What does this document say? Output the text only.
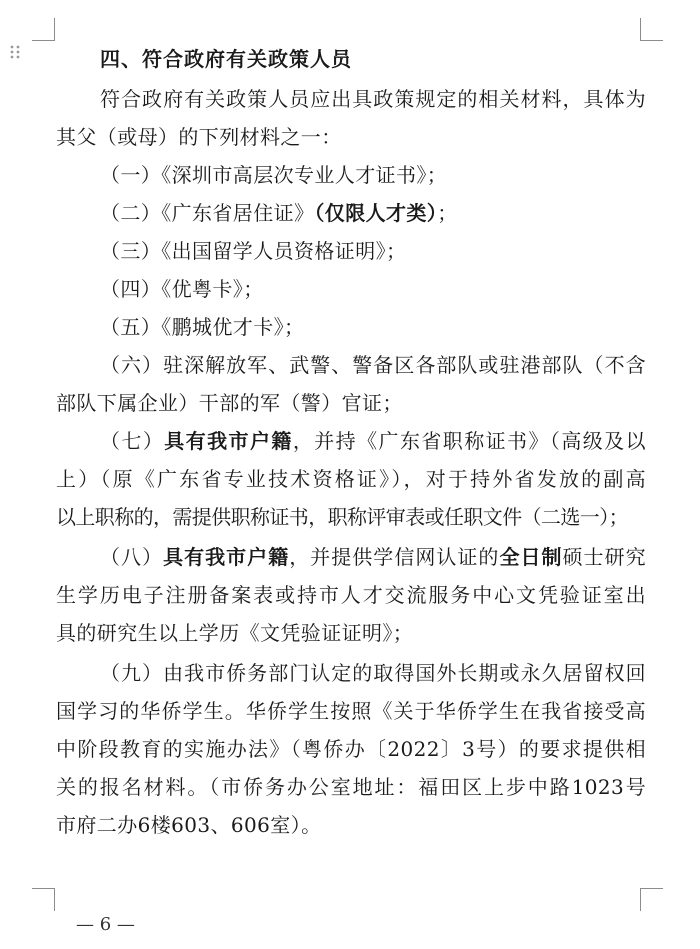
四、符合政府有关政策人员
符合政府有关政策人员应出具政策规定的相关材料，具体为
其父（或母）的下列材料之一：
（一）《深圳市高层次专业人才证书》；
（二）《广东省居住证》（仅限人才类）；
（三）《出国留学人员资格证明》；
（四）《优粤卡》；
（五）《鹏城优才卡》；
（六）驻深解放军、武警、警备区各部队或驻港部队（不含
部队下属企业）干部的军（警）官证；
（七）具有我市户籍，并持《广东省职称证书》（高级及以
上）（原《广东省专业技术资格证》），对于持外省发放的副高
以上职称的，需提供职称证书，职称评审表或任职文件（二选一）；
（八）具有我市户籍，并提供学信网认证的全日制硕士研究
生学历电子注册备案表或持市人才交流服务中心文凭验证室出
具的研究生以上学历《文凭验证证明》；
（九）由我市侨务部门认定的取得国外长期或永久居留权回
国学习的华侨学生。华侨学生按照《关于华侨学生在我省接受高
中阶段教育的实施办法》（粤侨办〔2022〕3号）的要求提供相
关的报名材料。（市侨务办公室地址：福田区上步中路1023号
市府二办6楼603、606室）。
— 6 —
